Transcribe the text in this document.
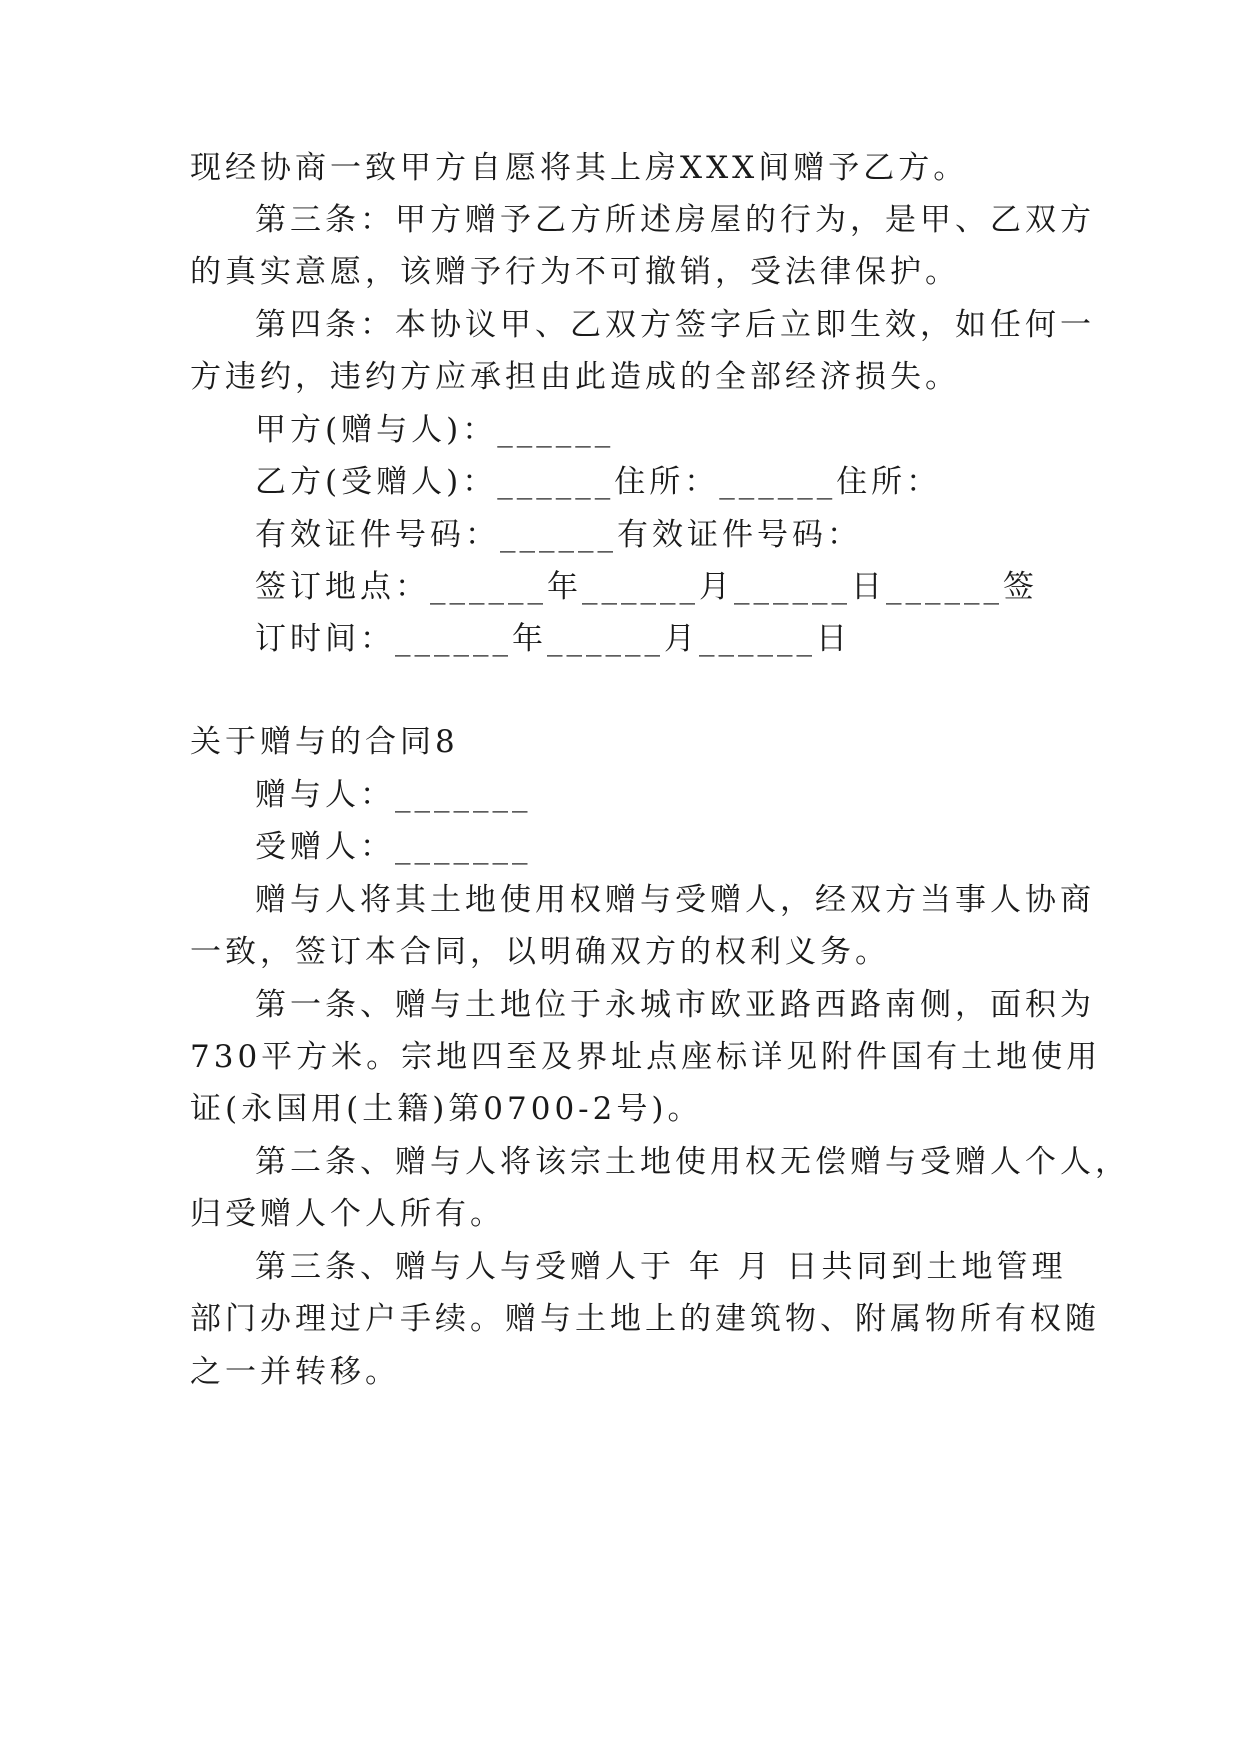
现经协商一致甲方自愿将其上房XXX间赠予乙方。
第三条：甲方赠予乙方所述房屋的行为，是甲、乙双方
的真实意愿，该赠予行为不可撤销，受法律保护。
第四条：本协议甲、乙双方签字后立即生效，如任何一
方违约，违约方应承担由此造成的全部经济损失。
甲方(赠与人)：______
乙方(受赠人)：______住所：______住所：
有效证件号码：______有效证件号码：
签订地点：______年______月______日______签
订时间：______年______月______日
关于赠与的合同8
赠与人：_______
受赠人：_______
赠与人将其土地使用权赠与受赠人，经双方当事人协商
一致，签订本合同，以明确双方的权利义务。
第一条、赠与土地位于永城市欧亚路西路南侧，面积为
730平方米。宗地四至及界址点座标详见附件国有土地使用
证(永国用(土籍)第0700-2号)。
第二条、赠与人将该宗土地使用权无偿赠与受赠人个人，
归受赠人个人所有。
第三条、赠与人与受赠人于 年 月 日共同到土地管理
部门办理过户手续。赠与土地上的建筑物、附属物所有权随
之一并转移。
